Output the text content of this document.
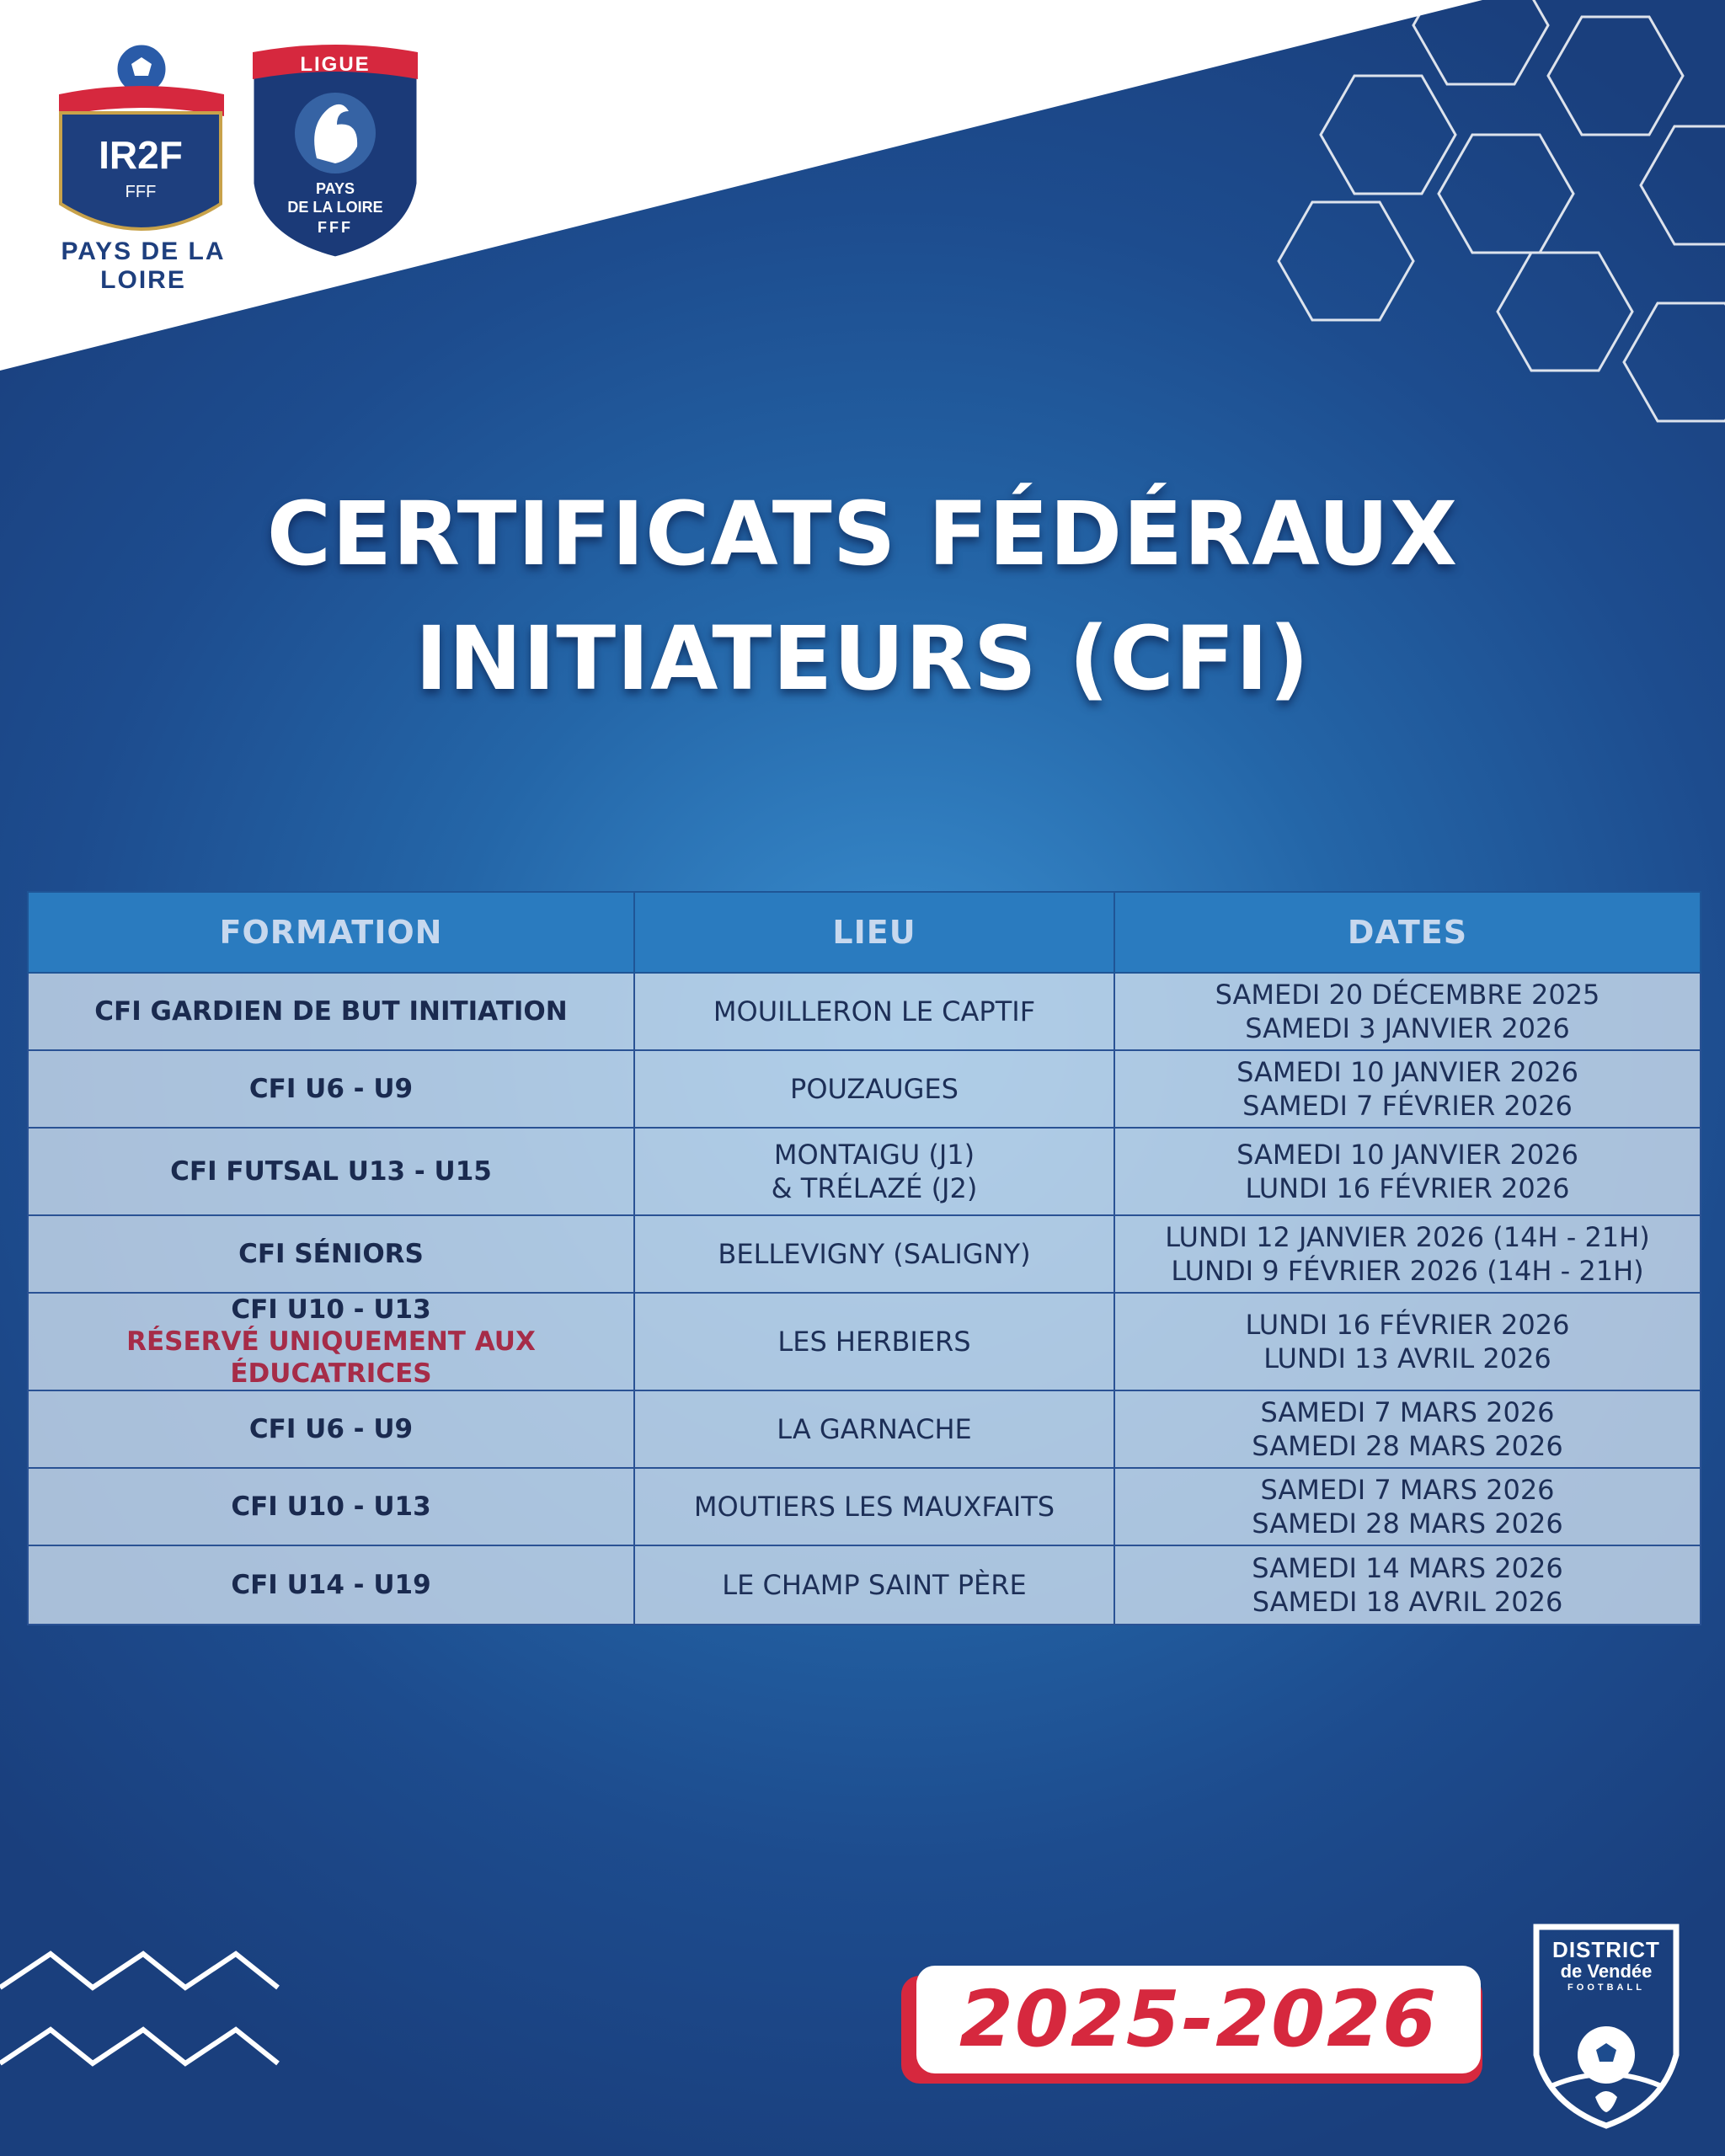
IR2F
FFF
PAYS DE LA LOIRE
LIGUE
PAYS
DE LA LOIRE
FFF
CERTIFICATS FÉDÉRAUX
INITIATEURS (CFI)
FORMATION	LIEU	DATES

CFI GARDIEN DE BUT INITIATION	MOUILLERON LE CAPTIF	SAMEDI 20 DÉCEMBRE 2025
SAMEDI 3 JANVIER 2026

CFI U6 - U9	POUZAUGES	SAMEDI 10 JANVIER 2026
SAMEDI 7 FÉVRIER 2026

CFI FUTSAL U13 - U15	MONTAIGU (J1)
& TRÉLAZÉ (J2)	SAMEDI 10 JANVIER 2026
LUNDI 16 FÉVRIER 2026

CFI SÉNIORS	BELLEVIGNY (SALIGNY)	LUNDI 12 JANVIER 2026 (14H - 21H)
LUNDI 9 FÉVRIER 2026 (14H - 21H)

CFI U10 - U13
RÉSERVÉ UNIQUEMENT AUX ÉDUCATRICES	LES HERBIERS	LUNDI 16 FÉVRIER 2026
LUNDI 13 AVRIL 2026

CFI U6 - U9	LA GARNACHE	SAMEDI 7 MARS 2026
SAMEDI 28 MARS 2026

CFI U10 - U13	MOUTIERS LES MAUXFAITS	SAMEDI 7 MARS 2026
SAMEDI 28 MARS 2026

CFI U14 - U19	LE CHAMP SAINT PÈRE	SAMEDI 14 MARS 2026
SAMEDI 18 AVRIL 2026
2025-2026
DISTRICT
de Vendée
FOOTBALL
